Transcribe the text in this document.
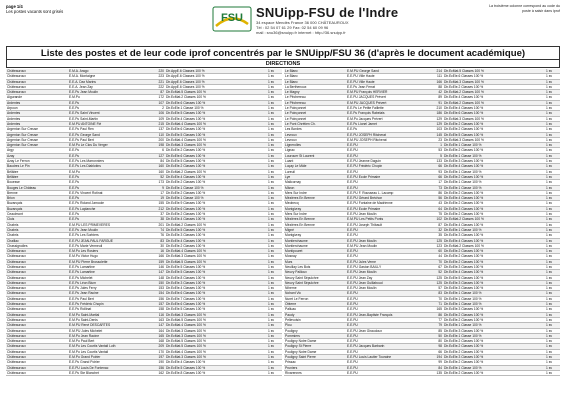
page 1/4
Les postes vacants sont grisés
La troisième colonne correspond au code du poste à saisir dans iprof
FSU SNUipp-FSU de l'Indre
34 espace Mendès France 36 000 CHÂTEAUROUX
Tél : 02 54 07 61 29 Fax: 02 54 60 09 96
mail : snu36@snuipp.fr internet : http://36.snuipp.fr
Liste des postes et de leur code iprof concentrés par le SNUipp/FSU 36 (d'après le document académique)
DIRECTIONS
Châteauroux	E.M.A. Arago	220	Dir.AppE.6 Classes 100 %	1 sv
Châteauroux	E.M.A. Montaigne	223	Dir.AppE.6 Classes 100 %	1 sv
Châteauroux	E.E.A. Dax Marins	221	Dir.AppE.6 Classes 100 %	1 sv
Châteauroux	E.E.A. Jean Zay	222	Dir.AppE.6 Classes 100 %	1 sv
Châteauroux	E.E.Pu Jean Moulin	87	Dir.EcMat.5 Classes 100 %	1 sv
Aigurande	E.M.Pu	172	Dir.EcMat.2 Classes 100 %	1 sv
Ardentes	E.E.Pu	107	Dir.EcEle.6 Classes 100 %	1 sv
Arpoun	E.E.Pu	2	Dir.EcEle.1 Classe 100 %	1 sv
Ardentes	E.E.Pu Saint Vincent	106	Dir.EcEle.5 Classes 100 %	1 sv
Ardentes	E.E.Pu Saint-Martin	109	Dir.EcEle.4 Classes 100 %	1 sv
Ardentes	E.M.PU ANTOINE Fié	215	Dir.EcMat.4 Classes 100 %	1 sv
Argenton Sur Creuse	E.E.Pu Paul Ren	137	Dir.EcEle.6 Classes 100 %	1 sv
Argenton Sur Creuse	E.E.Pu George Sand	110	Dir.EcEle.5 Classes 100 %	1 sv
Argenton Sur Creuse	E.E.Pu Paul Bert	200	Dir.EcMat.4 Classes 100 %	1 sv
Argenton Sur Creuse	E.M.Pu Le Clos Du Verger	198	Dir.EcMat.3 Classes 100 %	1 sv
Argy	E.E.Pu	6	Dir.EcEle.2 Classes 100 %	1 sv
Azay	E.E.Pu	127	Dir.EcEle.6 Classes 100 %	1 sv
Azay Le Ferron	E.E.Pu Les Marronniers	84	Dir.EcEle.5 Classes 100 %	1 sv
Baudres Le Pin	E.E.Pu Les Diablotins	160	Dir.EcEle.2 Classes 100 %	1 sv
Bélâbre	E.M.Pu	160	Dir.EcMat.2 Classes 100 %	1 sv
Bélâbre	E.E.Pu	52	Dir.EcEle.4 Classes 100 %	1 sv
Bouesse	E.E.Pu	173	Dir.EcEle.2 Classes 100 %	1 sv
Bouges Le Château	E.E.Pu	9	Dir.EcEle.1 Classe 100 %	1 sv
Brenne	E.E.Pu Vincent Rotinat	17	Dir.EcEle.2 Classes 100 %	1 sv
Brion	E.E.Pu	19	Dir.EcEle.1 Classe 100 %	1 sv
Buzançais	E.E.Pu Roland Jamoole	155	Dir.EcEle.9 Classes 100 %	1 sv
Buzançais	E.E.Pu Laplanche	212	Dir.EcEle.6 Classes 100 %	1 sv
Ceaulmont	E.E.Pu	37	Dir.EcEle.2 Classes 100 %	1 sv
Cluis	E.E.Pu	38	Dir.EcEle.4 Classes 100 %	1 sv
Chabris	E.M.PU LES PRIMEVERES	201	Dir.EcMat.2 Classes 100 %	1 sv
Chabris	E.E.Pu Jean Moulin	74	Dir.EcEle.5 Classes 100 %	1 sv
Chabris	E.E.Pu Les Sorbiers	76	Dir.EcEle.3 Classes 100 %	1 sv
Chaillac	E.E.PU JEAN-PAUL FARGUE	83	Dir.EcEle.4 Classes 100 %	1 sv
Chassignolles	E.E.Pu Marie Vermeuil	30	Dir.EcEle.2 Classes 100 %	1 sv
Châteauroux	E.M.Pu Les Rosiers	16	Dir.EcMat.4 Classes 100 %	1 sv
Châteauroux	E.M.Pu Victor Hugo	166	Dir.EcMat.3 Classes 100 %	1 sv
Châteauroux	E.M.PU Pierre Brossolette	159	Dir.EcMat.5 Classes 100 %	1 sv
Châteauroux	E.E.Pu Lamartine	146	Dir.EcEle.5 Classes 100 %	1 sv
Châteauroux	E.E.Pu Lamartine	147	Dir.EcEle.5 Classes 100 %	1 sv
Châteauroux	E.E.Pu Michelet	148	Dir.EcEle.8 Classes 100 %	1 sv
Châteauroux	E.E.Pu Léon Blum	150	Dir.EcEle.3 Classes 100 %	1 sv
Châteauroux	E.E.Pu Jules Ferry	153	Dir.EcEle.4 Classes 100 %	1 sv
Châteauroux	E.E.Pu Jean Racine	154	Dir.EcEle.6 Classes 100 %	1 sv
Châteauroux	E.E.Pu Paul Bert	156	Dir.EcEle.7 Classes 100 %	1 sv
Châteauroux	E.E.Pu Frédéric Chopin	157	Dir.EcEle.6 Classes 100 %	1 sv
Châteauroux	E.E.Pu Rollinat	158	Dir.EcEle.5 Classes 100 %	1 sv
Châteauroux	E.M.Pu Saint-Martial	116	Dir.EcMat.3 Classes 100 %	1 sv
Châteauroux	E.M.Pu Saint-Denis	163	Dir.EcMat.5 Classes 100 %	1 sv
Châteauroux	E.M.PU René DESCARTES	147	Dir.EcMat.4 Classes 100 %	1 sv
Châteauroux	E.M.PU Jules Michelet	164	Dir.EcMat.3 Classes 100 %	1 sv
Châteauroux	E.M.Pu Jean Racine	165	Dir.EcMat.3 Classes 100 %	1 sv
Châteauroux	E.M.Pu Paul Bert	168	Dir.EcMat.5 Classes 100 %	1 sv
Châteauroux	E.M.Pu Les Courtis Vantail Luth	209	Dir.EcMat.5 Classes 100 %	1 sv
Châteauroux	E.M.Pu Les Courtis Vantail	170	Dir.EcMat.4 Classes 100 %	1 sv
Châteauroux	E.M.Pu Grand Poirier	197	Dir.EcMat.3 Classes 100 %	1 sv
Châteauroux	E.E.Pu Grand Poirier	190	Dir.EcEle.4 Classes 100 %	1 sv
Châteauroux	E.E.PU Louis De Fontenac	156	Dir.EcEle.5 Classes 100 %	1 sv
Châteauroux	E.E.Pu Ste Blanchet	162	Dir.EcEle.8 Classes 100 %	1 sv
Le Blanc	E.M.PU George Sand	214	Dir.EcMat.5 Classes 100 %	1 sv
Le Blanc	E.E.PU Ville Haute	111	Dir.EcEle.6 Classes 100 %	1 sv
Le Blanc	E.E.PU Ville Haute	166	Dir.EcMat.3 Classes 100 %	1 sv
La Berthenoux	E.E.Pu Jean Ferrat	88	Dir.EcEle.2 Classes 100 %	1 sv
Le Magny	E.M.PU François HERVIER	42	Dir.EcMat.2 Classes 100 %	1 sv
Le Pêchereau	E.E.PU JACQUES Prévert	89	Dir.EcEle.4 Classes 100 %	1 sv
Le Pêchereau	E.M.PU JACQUES Prévert	91	Dir.EcMat.2 Classes 100 %	1 sv
Le Poinçonnet	E.E.Pu Le Petite Faillette	210	Dir.EcEle.4 Classes 100 %	1 sv
Le Poinçonnet	E.E.Pu François Rabelais	186	Dir.EcEle.6 Classes 100 %	1 sv
Le Poinçonnet	E.M.Pu Jacques Prévert	129	Dir.EcMat.3 Classes 100 %	1 sv
Le Pont Chrétien Ch.	E.E.Pu Lionel Jamet	129	Dir.EcEle.2 Classes 100 %	1 sv
Les Bordes	E.E.Pu	103	Dir.EcEle.2 Classes 100 %	1 sv
Levroux	E.E.PU JOSEPH Ritcherat	145	Dir.EcEle.5 Classes 100 %	1 sv
Levroux	E.M.PU JOSEPH Ritcherat	23	Dir.EcMat.3 Classes 100 %	1 sv
Lignerolles	E.E.PU	1	Dir.EcEle.1 Classe 100 %	1 sv
Lignac	E.E.PU	53	Dir.EcEle.2 Classes 100 %	1 sv
Lourouer St Laurent	E.E.PU	5	Dir.EcEle.1 Classe 100 %	1 sv
Luant	E.E.PU Jeanne Daguin	133	Dir.EcEle.3 Classes 100 %	1 sv
Luçay Le Mâle	E.E.PU Frédéric Chopin	66	Dir.EcEle.4 Classes 100 %	1 sv
Lureuil	E.E.PU	93	Dir.EcEle.1 Classe 100 %	1 sv
Lye	E.E.PU Ecole Primaire	66	Dir.EcEle.2 Classes 100 %	1 sv
Malicornay	E.E.PU	17	Dir.EcEle.1 Classe 100 %	1 sv
Mâron	E.E.PU	73	Dir.EcEle.1 Classe 100 %	1 sv
Mers Sur Indre	E.E.PU F. Rousseau L. Lacamp	86	Dir.EcEle.2 Classes 100 %	1 sv
Mézières En Brenne	E.E.PU Gérard Bréchon	56	Dir.EcEle.4 Classes 100 %	1 sv
Meobecq	E.E.PU Fontaine de Madrienne	43	Dir.EcEle.2 Classes 100 %	1 sv
Montgivray	E.E.PU Ecole Primaire	64	Dir.EcEle.3 Classes 100 %	1 sv
Mers Sur Indre	E.E.PU Jean Moulin	75	Dir.EcEle.2 Classes 100 %	1 sv
Mézières En Brenne	E.M.PU Les Petits Ponts	102	Dir.EcMat.2 Classes 100 %	1 sv
Mézières En Brenne	E.E.PU Joseph Thibault	87	Dir.EcEle.4 Classes 100 %	1 sv
Migné	E.E.PU	32	Dir.EcEle.1 Classe 100 %	1 sv
Montgivray	E.E.PU	35	Dir.EcEle.3 Classes 100 %	1 sv
Montierchaume	E.E.PU Jean Moulin	125	Dir.EcEle.4 Classes 100 %	1 sv
Montierchaume	E.M.PU Jean Moulin	123	Dir.EcMat.2 Classes 100 %	1 sv
Montipouret	E.E.PU	60	Dir.EcEle.2 Classes 100 %	1 sv
Mosnay	E.E.PU	44	Dir.EcEle.2 Classes 100 %	1 sv
Murs	E.E.PU Jules Verne	70	Dir.EcEle.2 Classes 100 %	1 sv
Neuillay Les Bois	E.E.PU Gaston BAILLY	67	Dir.EcEle.3 Classes 100 %	1 sv
Neuvy Pailloux	E.E.PU Jean Moulin	52	Dir.EcEle.4 Classes 100 %	1 sv
Neuvy Saint Sépulchre	E.E.PU Jean Zay	125	Dir.EcEle.5 Classes 100 %	1 sv
Neuvy Saint Sépulchre	E.E.PU Jean Guillaboud	125	Dir.EcEle.3 Classes 100 %	1 sv
Niherne	E.E.PU Jean Moulin	57	Dir.EcEle.3 Classes 100 %	1 sv
Nohant Vic	E.E.PU	83	Dir.EcEle.1 Classe 100 %	1 sv
Nuret Le Ferron	E.E.PU	70	Dir.EcEle.1 Classe 100 %	1 sv
Obterre	E.E.PU	71	Dir.EcEle.1 Classe 100 %	1 sv
Palluau	E.E.PU	165	Dir.EcEle.3 Classes 100 %	1 sv
Paudy	E.E.PU Jean-Baptiste François	86	Dir.EcEle.2 Classes 100 %	1 sv
Pellevoisin	E.E.PU	77	Dir.EcEle.2 Classes 100 %	1 sv
Plou	E.E.PU	79	Dir.EcEle.1 Classe 100 %	1 sv
Pouligny	E.E.PU Jean Giraudoux	85	Dir.EcEle.3 Classes 100 %	1 sv
Pommiers	E.E.PU	50	Dir.EcEle.1 Classe 100 %	1 sv
Pouligny Notre Dame	E.E.PU	80	Dir.EcEle.2 Classes 100 %	1 sv
Pouligny St Pierre	E.E.PU Jacques Barbarin	98	Dir.EcEle.2 Classes 100 %	1 sv
Pouligny Notre Dame	E.E.PU	66	Dir.EcEle.2 Classes 100 %	1 sv
Pouligny Saint Pierre	E.E.PU Louis Lautier Touraine	194	Dir.EcEle.3 Classes 100 %	1 sv
Prissac	E.E.PU	99	Dir.EcEle.2 Classes 100 %	1 sv
Pruniers	E.E.PU	84	Dir.EcEle.1 Classe 100 %	1 sv
Rivarennes	E.E.PU	135	Dir.EcEle.2 Classes 100 %	1 sv
